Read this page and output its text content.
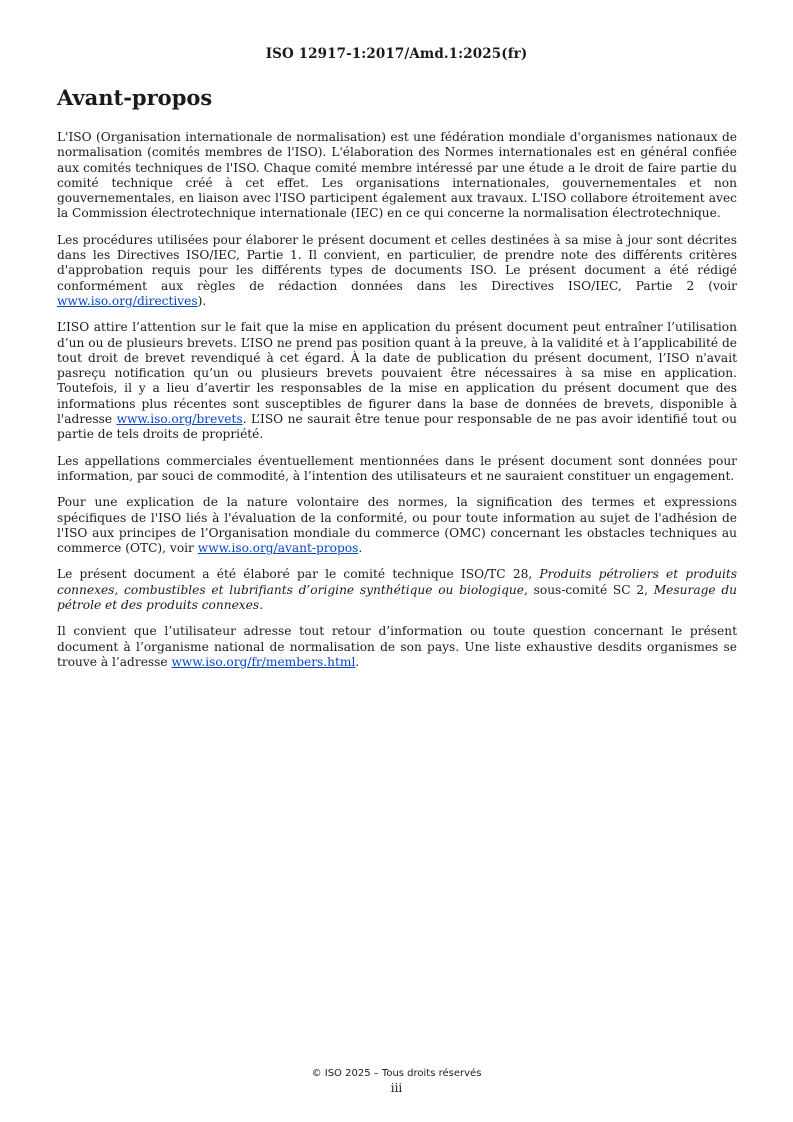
ISO 12917-1:2017/Amd.1:2025(fr)
Avant-propos

L'ISO (Organisation internationale de normalisation) est une fédération mondiale d'organismes nationaux de normalisation (comités membres de l'ISO). L'élaboration des Normes internationales est en général confiée aux comités techniques de l'ISO. Chaque comité membre intéressé par une étude a le droit de faire partie du comité technique créé à cet effet. Les organisations internationales, gouvernementales et non gouvernementales, en liaison avec l'ISO participent également aux travaux. L'ISO collabore étroitement avec la Commission électrotechnique internationale (IEC) en ce qui concerne la normalisation électrotechnique.

Les procédures utilisées pour élaborer le présent document et celles destinées à sa mise à jour sont décrites dans les Directives ISO/IEC, Partie 1. Il convient, en particulier, de prendre note des différents critères d'approbation requis pour les différents types de documents ISO. Le présent document a été rédigé conformément aux règles de rédaction données dans les Directives ISO/IEC, Partie 2 (voir www.iso.org/directives).

L’ISO attire l’attention sur le fait que la mise en application du présent document peut entraîner l’utilisation d’un ou de plusieurs brevets. L’ISO ne prend pas position quant à la preuve, à la validité et à l’applicabilité de tout droit de brevet revendiqué à cet égard. À la date de publication du présent document, l’ISO n'avait pasreçu notification qu’un ou plusieurs brevets pouvaient être nécessaires à sa mise en application. Toutefois, il y a lieu d’avertir les responsables de la mise en application du présent document que des informations plus récentes sont susceptibles de figurer dans la base de données de brevets, disponible à l'adresse www.iso.org/brevets. L’ISO ne saurait être tenue pour responsable de ne pas avoir identifié tout ou partie de tels droits de propriété.

Les appellations commerciales éventuellement mentionnées dans le présent document sont données pour information, par souci de commodité, à l’intention des utilisateurs et ne sauraient constituer un engagement.

Pour une explication de la nature volontaire des normes, la signification des termes et expressions spécifiques de l'ISO liés à l'évaluation de la conformité, ou pour toute information au sujet de l'adhésion de l'ISO aux principes de l’Organisation mondiale du commerce (OMC) concernant les obstacles techniques au commerce (OTC), voir www.iso.org/avant-propos.

Le présent document a été élaboré par le comité technique ISO/TC 28, Produits pétroliers et produits connexes, combustibles et lubrifiants d’origine synthétique ou biologique, sous-comité SC 2, Mesurage du pétrole et des produits connexes.

Il convient que l’utilisateur adresse tout retour d’information ou toute question concernant le présent document à l’organisme national de normalisation de son pays. Une liste exhaustive desdits organismes se trouve à l’adresse www.iso.org/fr/members.html.

© ISO 2025 – Tous droits réservés
iii
